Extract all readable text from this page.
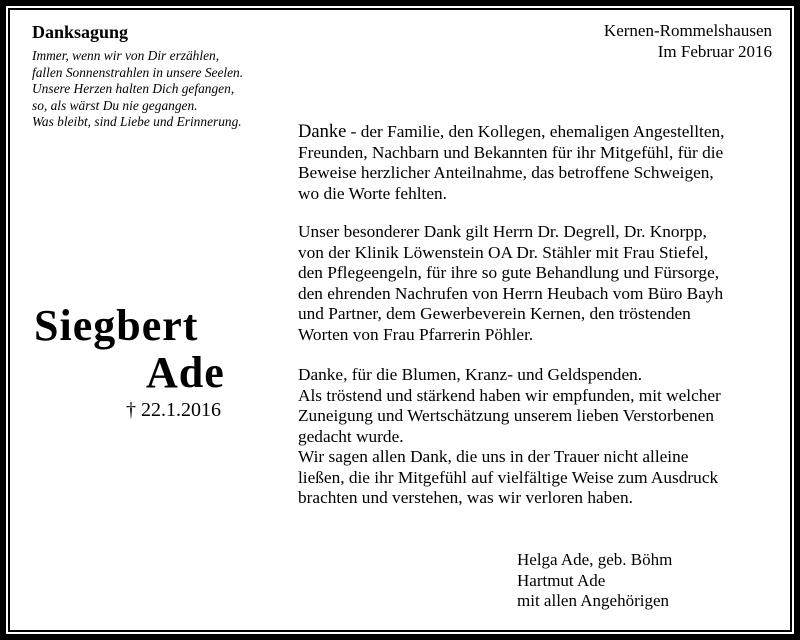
Danksagung
Immer, wenn wir von Dir erzählen,
fallen Sonnenstrahlen in unsere Seelen.
Unsere Herzen halten Dich gefangen,
so, als wärst Du nie gegangen.
Was bleibt, sind Liebe und Erinnerung.
Kernen-Rommelshausen
Im Februar 2016
Siegbert
Ade
† 22.1.2016
Danke - der Familie, den Kollegen, ehemaligen Angestellten,
Freunden, Nachbarn und Bekannten für ihr Mitgefühl, für die
Beweise herzlicher Anteilnahme, das betroffene Schweigen,
wo die Worte fehlten.
Unser besonderer Dank gilt Herrn Dr. Degrell, Dr. Knorpp,
von der Klinik Löwenstein OA Dr. Stähler mit Frau Stiefel,
den Pflegeengeln, für ihre so gute Behandlung und Fürsorge,
den ehrenden Nachrufen von Herrn Heubach vom Büro Bayh
und Partner, dem Gewerbeverein Kernen, den tröstenden
Worten von Frau Pfarrerin Pöhler.
Danke, für die Blumen, Kranz- und Geldspenden.
Als tröstend und stärkend haben wir empfunden, mit welcher
Zuneigung und Wertschätzung unserem lieben Verstorbenen
gedacht wurde.
Wir sagen allen Dank, die uns in der Trauer nicht alleine
ließen, die ihr Mitgefühl auf vielfältige Weise zum Ausdruck
brachten und verstehen, was wir verloren haben.
Helga Ade, geb. Böhm
Hartmut Ade
mit allen Angehörigen
